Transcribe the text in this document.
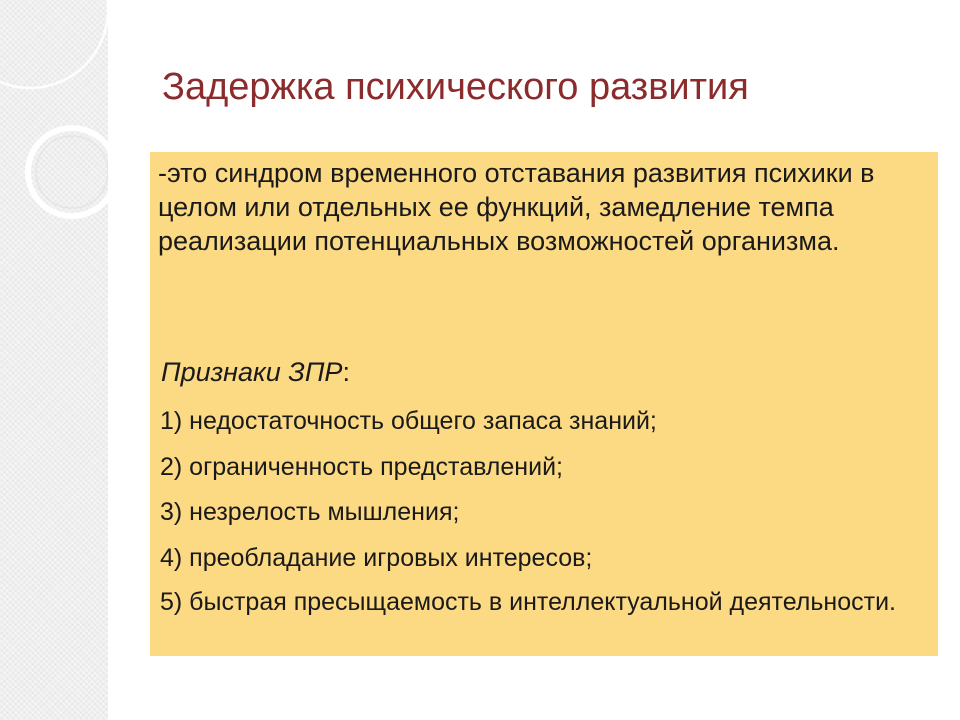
Задержка психического развития

-это синдром временного отставания развития психики в целом или отдельных ее функций, замедление темпа реализации потенциальных возможностей организма.

Признаки ЗПР:

1) недостаточность общего запаса знаний;

2) ограниченность представлений;

3) незрелость мышления;

4) преобладание игровых интересов;

5) быстрая пресыщаемость в интеллектуальной деятельности.
